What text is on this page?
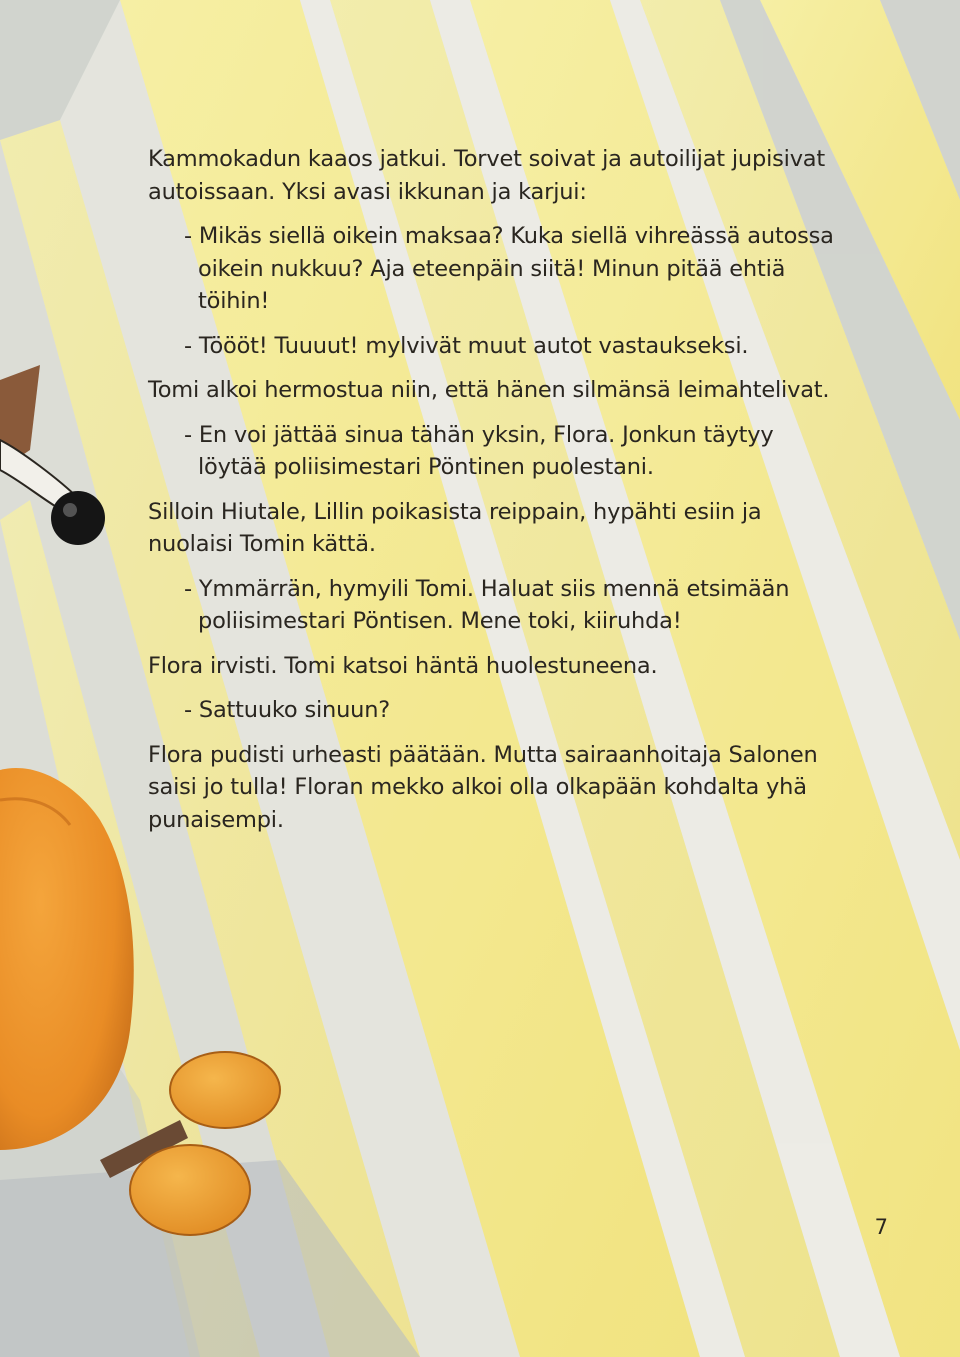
Kammokadun kaaos jatkui. Torvet soivat ja autoilijat jupisivat autoissaan. Yksi avasi ikkunan ja karjui:

- Mikäs siellä oikein maksaa? Kuka siellä vihreässä autossa oikein nukkuu? Aja eteenpäin siitä! Minun pitää ehtiä töihin!

- Töööt! Tuuuut! mylvivät muut autot vastaukseksi.

Tomi alkoi hermostua niin, että hänen silmänsä leimahtelivat.

- En voi jättää sinua tähän yksin, Flora. Jonkun täytyy löytää poliisimestari Pöntinen puolestani.

Silloin Hiutale, Lillin poikasista reippain, hypähti esiin ja nuolaisi Tomin kättä.

- Ymmärrän, hymyili Tomi. Haluat siis mennä etsimään poliisimestari Pöntisen. Mene toki, kiiruhda!

Flora irvisti. Tomi katsoi häntä huolestuneena.

- Sattuuko sinuun?

Flora pudisti urheasti päätään. Mutta sairaanhoitaja Salonen saisi jo tulla! Floran mekko alkoi olla olkapään kohdalta yhä punaisempi.

7
